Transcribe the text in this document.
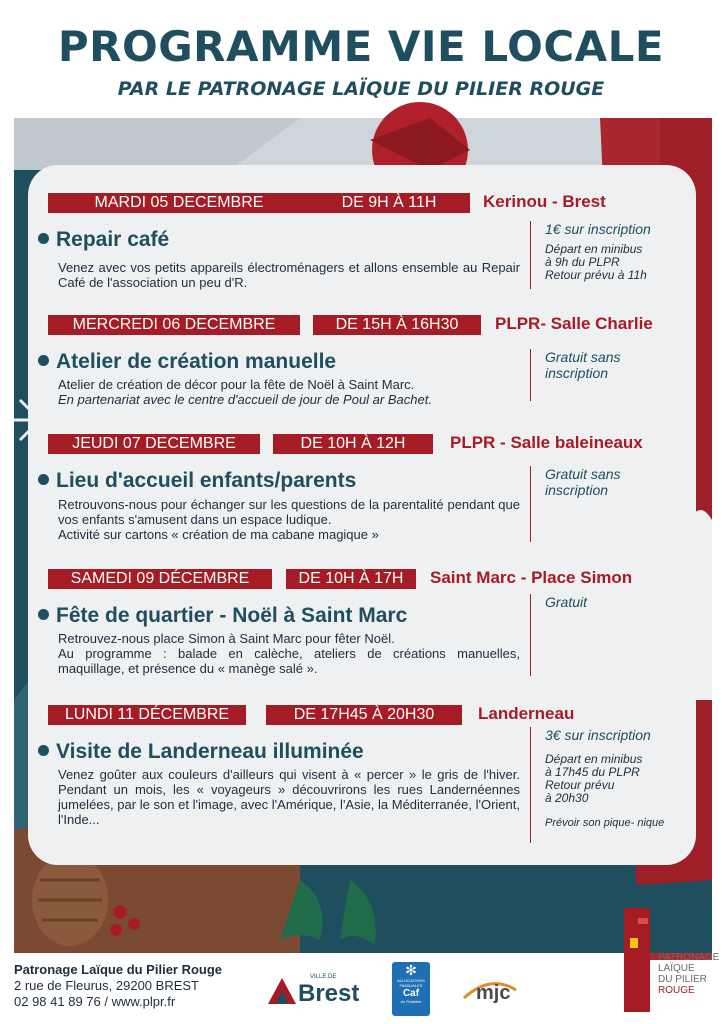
PROGRAMME VIE LOCALE
PAR LE PATRONAGE LAÏQUE DU PILIER ROUGE
MARDI 05 DECEMBRE	DE 9H À 11H	Kerinou - Brest
Repair café

Venez avec vos petits appareils électroménagers et allons ensemble au Repair Café de l'association un peu d'R.

1€ sur inscription
Départ en minibus
à 9h du PLPR
Retour prévu à 11h
MERCREDI 06 DECEMBRE	DE 15H À 16H30	PLPR- Salle Charlie
Atelier de création manuelle

Atelier de création de décor pour la fête de Noël à Saint Marc.

En partenariat avec le centre d'accueil de jour de Poul ar Bachet.

Gratuit sans inscription
JEUDI 07 DECEMBRE	DE 10H À 12H	PLPR - Salle baleineaux
Lieu d'accueil enfants/parents

Retrouvons-nous pour échanger sur les questions de la parentalité pendant que vos enfants s'amusent dans un espace ludique.

Activité sur cartons « création de ma cabane magique »

Gratuit sans inscription
SAMEDI 09 DÉCEMBRE	DE 10H À 17H	Saint Marc - Place Simon
Fête de quartier - Noël à Saint Marc

Retrouvez-nous place Simon à Saint Marc pour fêter Noël.

Au programme : balade en calèche, ateliers de créations manuelles, maquillage, et présence du « manège salé ».

Gratuit
LUNDI 11 DÉCEMBRE	DE 17H45 À 20H30	Landerneau
Visite de Landerneau illuminée

Venez goûter aux couleurs d'ailleurs qui visent à « percer » le gris de l'hiver. Pendant un mois, les « voyageurs » découvrirons les rues Landernéennes jumelées, par le son et l'image, avec l'Amérique, l'Asie, la Méditerranée, l'Orient, l'Inde...

3€ sur inscription
Départ en minibus
à 17h45 du PLPR
Retour prévu
à 20h30
Prévoir son pique- nique
Patronage Laïque du Pilier Rouge
2 rue de Fleurus, 29200 BREST
02 98 41 89 76 / www.plpr.fr
VILLE DE
Brest
✻
ALLOCATIONS
FAMILIALES
Caf
du Finistère	mjc
PATRONAGE
LAÏQUE
DU PILIER
ROUGE
